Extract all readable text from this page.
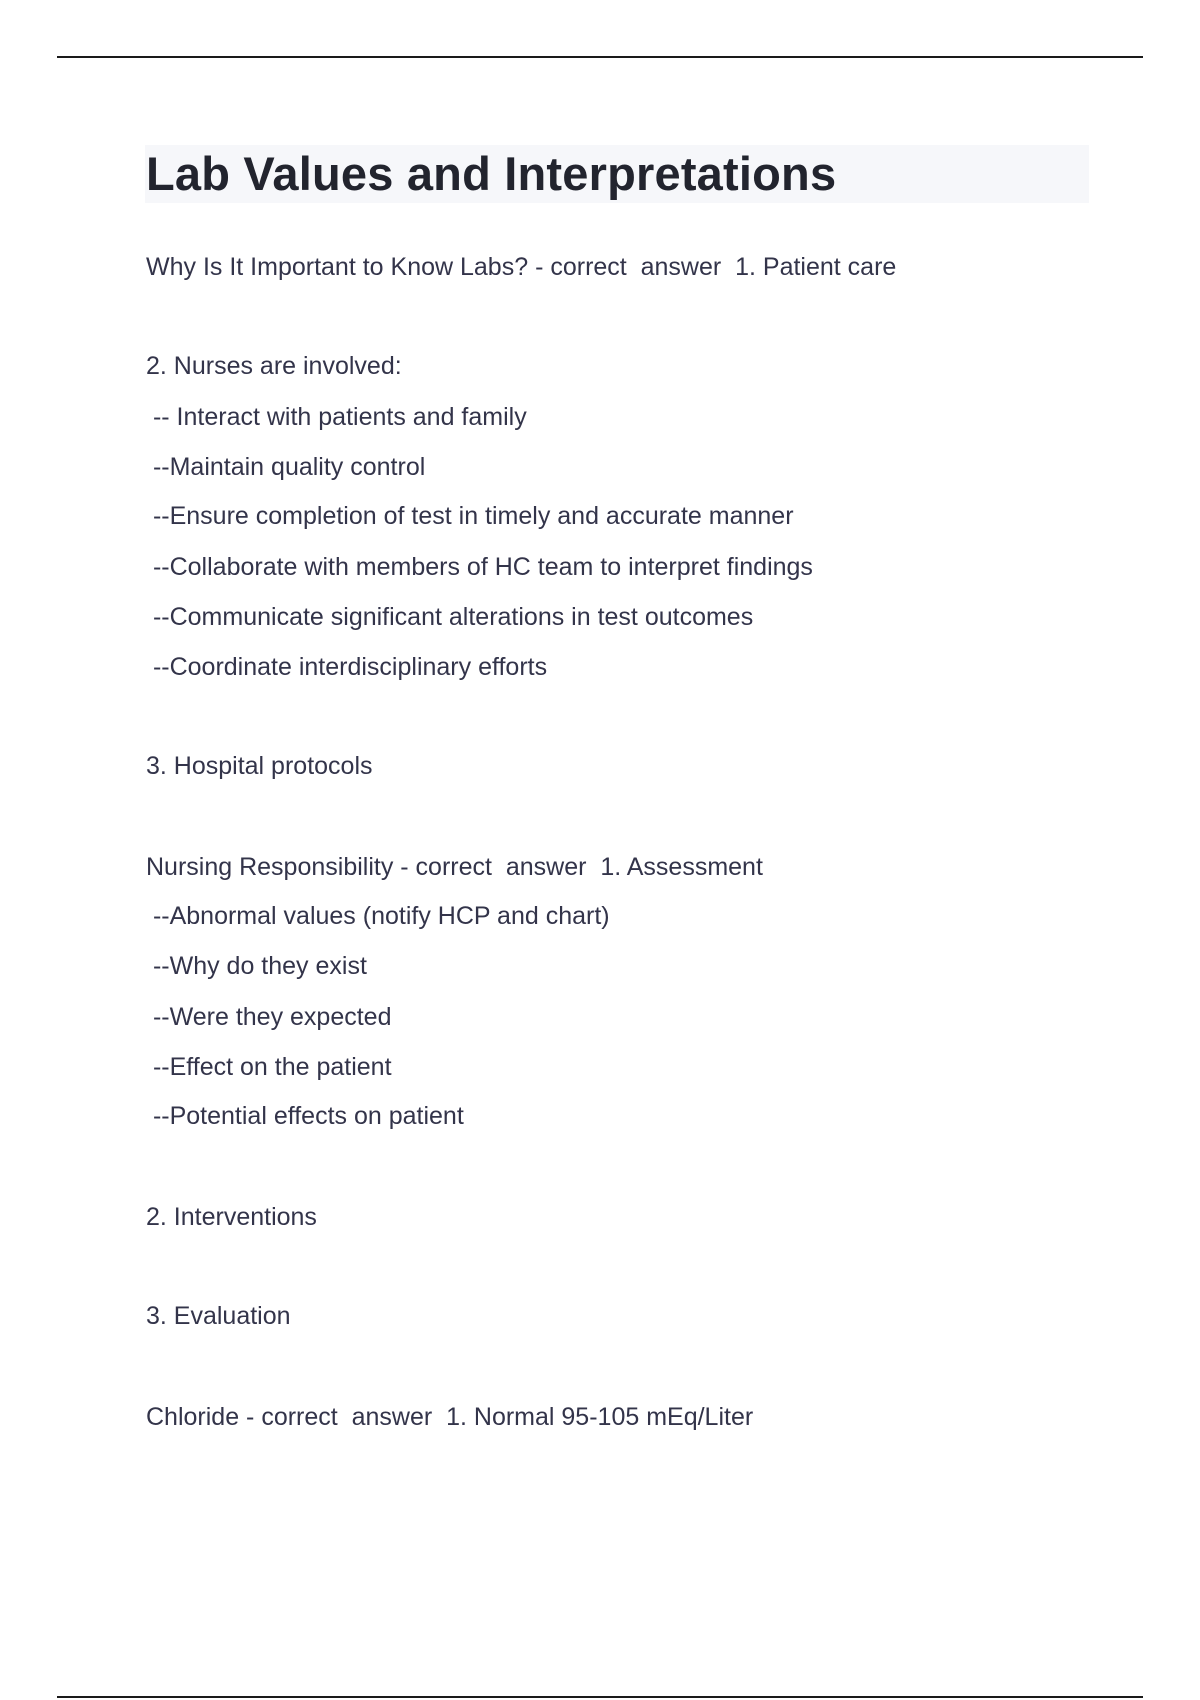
Lab Values and Interpretations

Why Is It Important to Know Labs? - correct  answer  1. Patient care

2. Nurses are involved:

-- Interact with patients and family

--Maintain quality control

--Ensure completion of test in timely and accurate manner

--Collaborate with members of HC team to interpret findings

--Communicate significant alterations in test outcomes

--Coordinate interdisciplinary efforts

3. Hospital protocols

Nursing Responsibility - correct  answer  1. Assessment

--Abnormal values (notify HCP and chart)

--Why do they exist

--Were they expected

--Effect on the patient

--Potential effects on patient

2. Interventions

3. Evaluation

Chloride - correct  answer  1. Normal 95-105 mEq/Liter
